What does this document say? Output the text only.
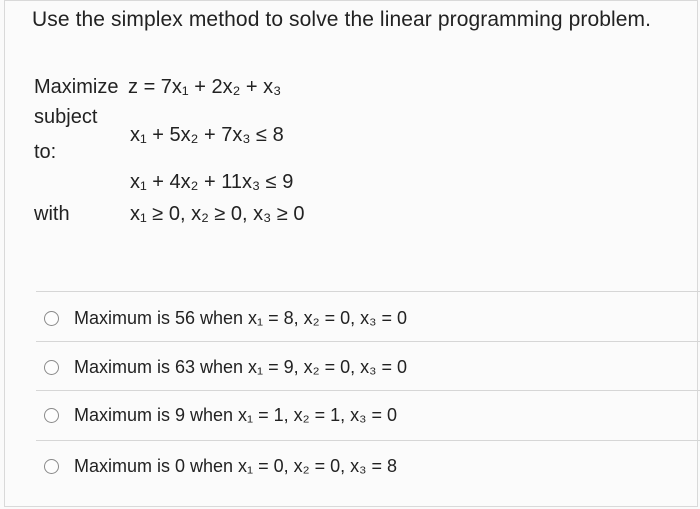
Use the simplex method to solve the linear programming problem.
Maximize z = 7x₁ + 2x₂ + x₃
subject
to:
with
x₁ + 5x₂ + 7x₃ ≤ 8
x₁ + 4x₂ + 11x₃ ≤ 9
x₁ ≥ 0, x₂ ≥ 0, x₃ ≥ 0
Maximum is 56 when x₁ = 8, x₂ = 0, x₃ = 0
Maximum is 63 when x₁ = 9, x₂ = 0, x₃ = 0
Maximum is 9 when x₁ = 1, x₂ = 1, x₃ = 0
Maximum is 0 when x₁ = 0, x₂ = 0, x₃ = 8
